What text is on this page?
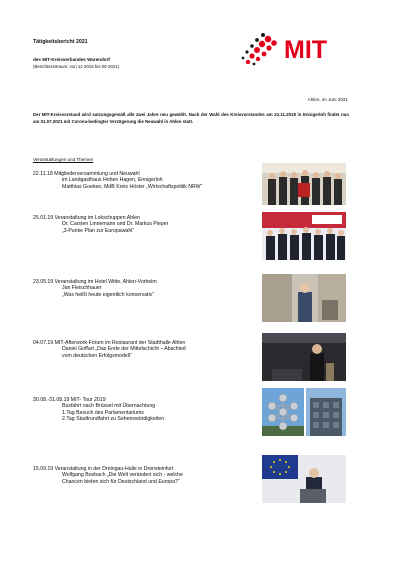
Tätigkeitsbericht 2021
des MIT-Kreisverbandes Warendorf
(Berichtszeitraum: von 11-2018 bis 06-2021)
MIT
Ahlen, im Juni 2021
Der MIT-Kreisvorstand wird satzungsgemäß alle zwei Jahre neu gewählt. Nach der Wahl des Kreisvorstandes am 22.11.2018 in Ennigerloh findet nun am 01.07.2021 mit Corona-bedingter Verzögerung die Neuwahl in Ahlen statt.
Veranstaltungen und Themen
22.11.18 Mitgliederversammlung und Neuwahl
im Landgasthaus Hohen Hagen, Ennigerloh
Matthias Goeken, MdB Kreis Höxter „Wirtschaftspolitik NRW“
25.01.19 Veranstaltung im Lokschuppen Ahlen
Dr. Carsten Linnemann und Dr. Markus Pieper
„3-Punke Plan zur Europawahl“
23.05.19 Veranstaltung im Hotel Witte, Ahlen-Vorhelm
Jan Fleischhauer
„Was heißt heute eigentlich konservativ“
04.07.19 MIT-Afterwork-Forum im Restaurant der Stadthalle Ahlen
Daniel Goffart „Das Ende der Mittelschicht – Abschied
vom deutschen Erfolgsmodell“
30.08.-31.08.19 MIT- Tour 2019
Busfahrt nach Brüssel mit Übernachtung
1.Tag Besuch des Parlamentariums
2.Tag Stadtrundfahrt zu Sehenswürdigkeiten
15.09.19 Veranstaltung in der Dreingau-Halle in Drensteinfurt
Wolfgang Bosbach „Die Welt verändert sich - welche
Chancen bieten sich für Deutschland und Europa?“
